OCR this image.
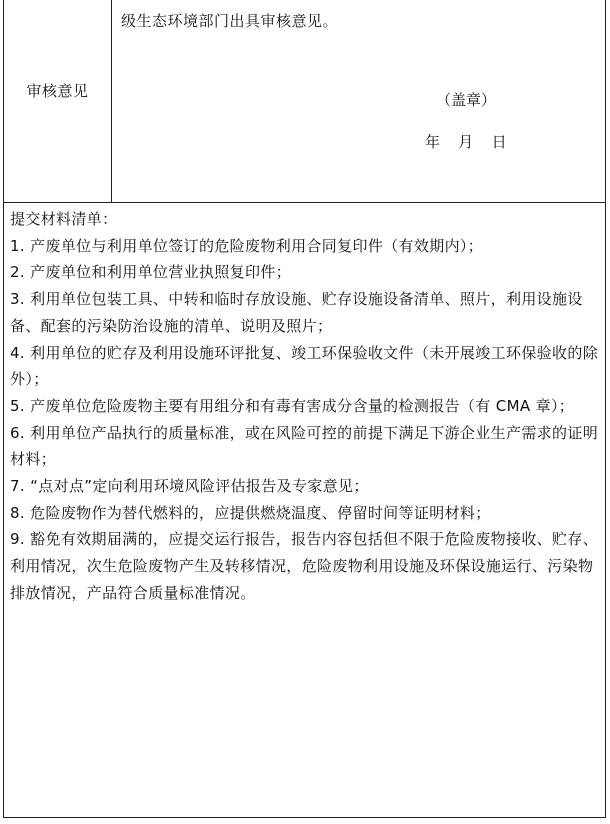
审核意见
级生态环境部门出具审核意见。
（盖章）
年   月   日

提交材料清单：

1. 产废单位与利用单位签订的危险废物利用合同复印件（有效期内）；

2. 产废单位和利用单位营业执照复印件；

3. 利用单位包装工具、中转和临时存放设施、贮存设施设备清单、照片，利用设施设备、配套的污染防治设施的清单、说明及照片；

4. 利用单位的贮存及利用设施环评批复、竣工环保验收文件（未开展竣工环保验收的除外）；

5. 产废单位危险废物主要有用组分和有毒有害成分含量的检测报告（有 CMA 章）；

6. 利用单位产品执行的质量标准，或在风险可控的前提下满足下游企业生产需求的证明材料；

7. “点对点”定向利用环境风险评估报告及专家意见；

8. 危险废物作为替代燃料的，应提供燃烧温度、停留时间等证明材料；

9. 豁免有效期届满的，应提交运行报告，报告内容包括但不限于危险废物接收、贮存、利用情况，次生危险废物产生及转移情况，危险废物利用设施及环保设施运行、污染物排放情况，产品符合质量标准情况。
